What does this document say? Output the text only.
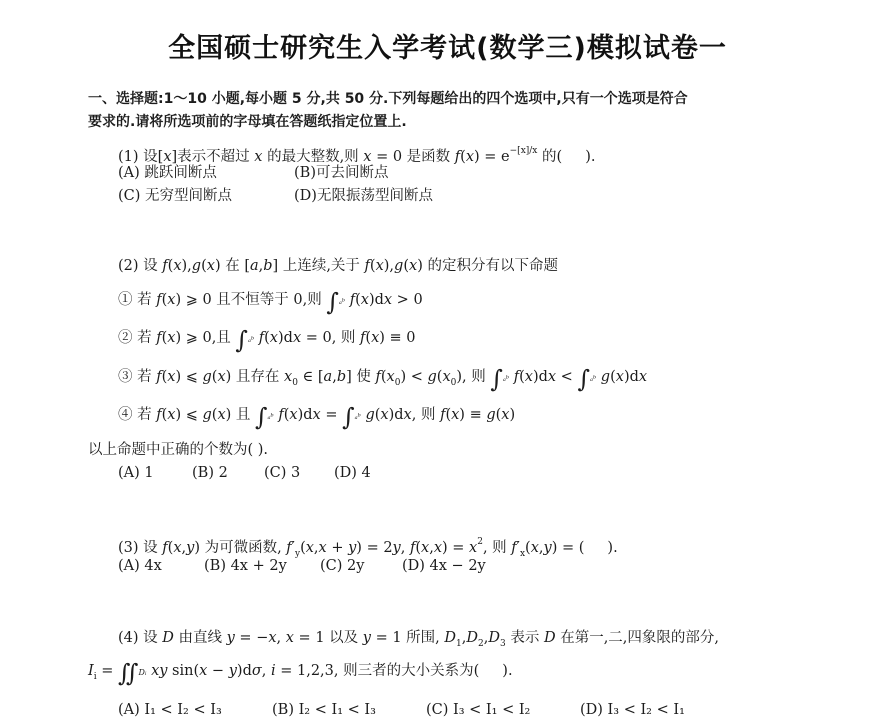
全国硕士研究生入学考试(数学三)模拟试卷一
一、选择题:1～10 小题,每小题 5 分,共 50 分.下列每题给出的四个选项中,只有一个选项是符合
要求的.请将所选项前的字母填在答题纸指定位置上.
(1) 设[x]表示不超过 x 的最大整数,则 x = 0 是函数 $f(x) = e^{-[x]/x}$ 的(     ).
(A) 跳跃间断点	(B)可去间断点
(C) 无穷型间断点	(D)无限振荡型间断点
(2) 设 f(x),g(x) 在 [a,b] 上连续,关于 f(x),g(x) 的定积分有以下命题
① 若 f(x) ⩾ 0 且不恒等于 0,则 ∫ₐᵇ f(x)dx > 0
② 若 f(x) ⩾ 0,且 ∫ₐᵇ f(x)dx = 0, 则 f(x) ≡ 0
③ 若 f(x) ⩽ g(x) 且存在 $x_0$ ∈ [a,b] 使 $f(x_0) < g(x_0)$, 则 ∫ₐᵇ f(x)dx < ∫ₐᵇ g(x)dx
④ 若 f(x) ⩽ g(x) 且 ∫ₐᵇ f(x)dx = ∫ₐᵇ g(x)dx, 则 f(x) ≡ g(x)
以上命题中正确的个数为( ).
(A) 1	(B) 2 (C) 3 (D) 4
(3) 设 f(x,y) 为可微函数, $f'_y(x,x + y) = 2y$, $f(x,x) = x^2$, 则 $f'_x(x,y)$ = (     ).
(A) 4x	(B) 4x + 2y (C) 2y	(D) 4x − 2y
(4) 设 D 由直线 y = −x, x = 1 以及 y = 1 所围, $D_1,D_2,D_3$ 表示 D 在第一,二,四象限的部分,
$I_i$ = ∬Dᵢ xy sin(x − y)dσ, i = 1,2,3, 则三者的大小关系为(     ).
(A) I₁ < I₂ < I₃	(B) I₂ < I₁ < I₃	(C) I₃ < I₁ < I₂	(D) I₃ < I₂ < I₁
